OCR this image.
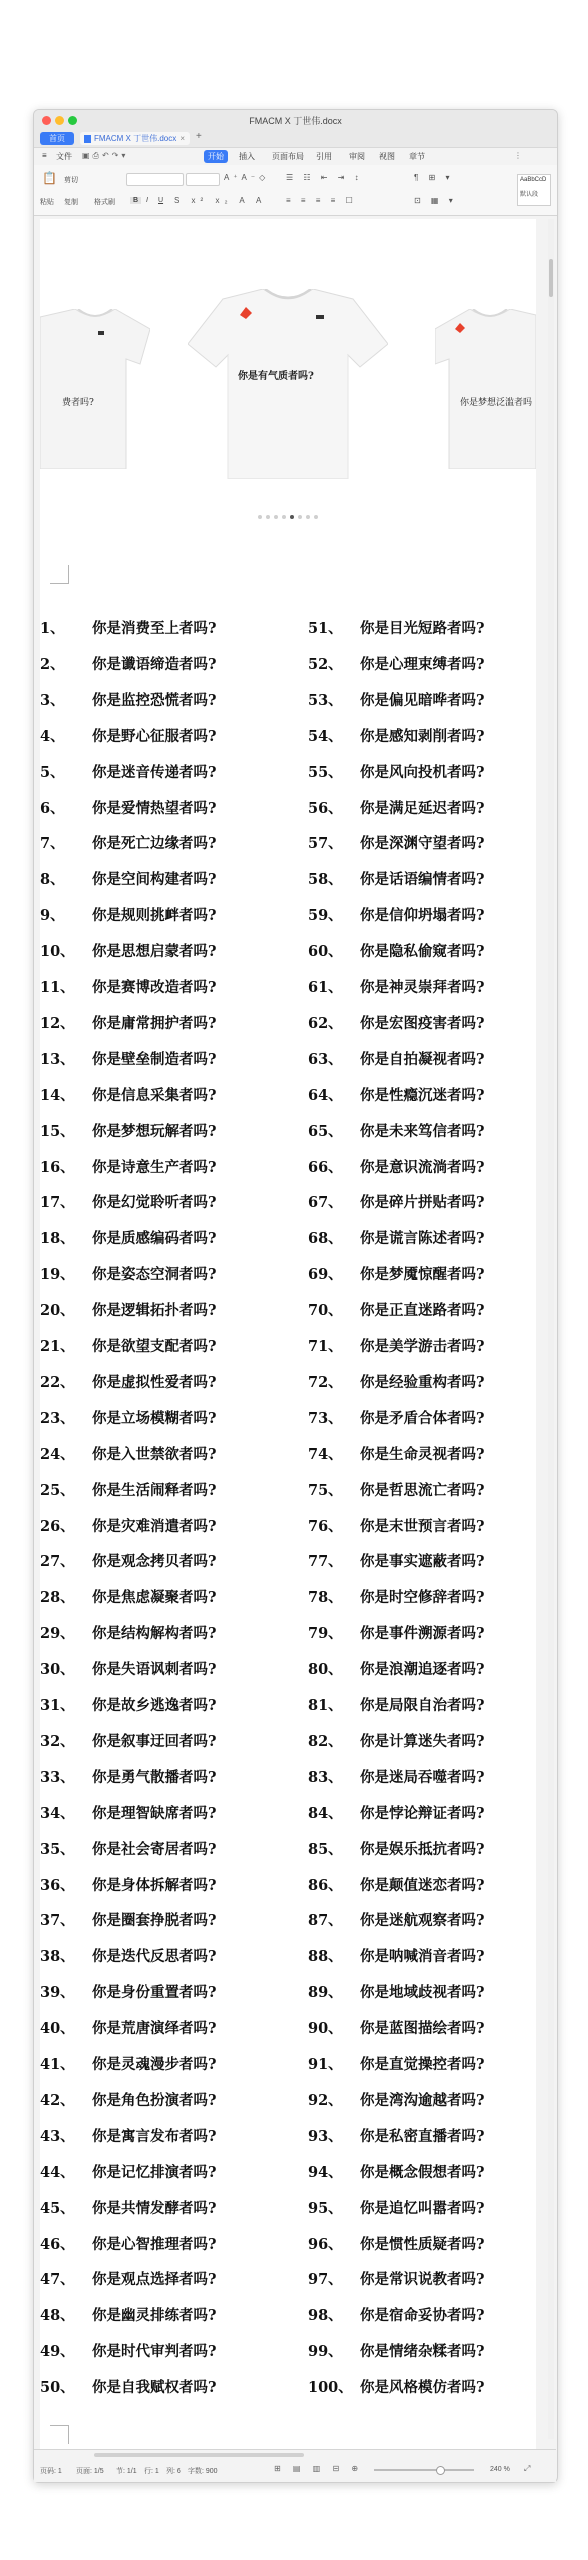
FMACM X 丁世伟.docx
首页	FMACM X 丁世伟.docx × +
≡ 文件 ▣⎙↶↷▾	开始	插入 页面布局 引用 审阅 视图 章节	⋮
📋
粘贴
剪切
复制 格式刷	B	I U
A⁺A⁻◇
S x² x₂ A A
☰ ☷ ⇤ ⇥ ↕
≡ ≡ ≡ ≡ ☐
¶ ⊞ ▾
⊡ ▦ ▾
AaBbCcD
默认段
费者吗?
你是有气质者吗?
你是梦想泛滥者吗
1、 你是消费至上者吗?
2、 你是谶语缔造者吗?
3、 你是监控恐慌者吗?
4、 你是野心征服者吗?
5、 你是迷音传递者吗?
6、 你是爱情热望者吗?
7、 你是死亡边缘者吗?
8、 你是空间构建者吗?
9、 你是规则挑衅者吗?
10、 你是思想启蒙者吗?
11、 你是赛博改造者吗?
12、 你是庸常拥护者吗?
13、 你是壁垒制造者吗?
14、 你是信息采集者吗?
15、 你是梦想玩解者吗?
16、 你是诗意生产者吗?
17、 你是幻觉聆听者吗?
18、 你是质感编码者吗?
19、 你是姿态空洞者吗?
20、 你是逻辑拓扑者吗?
21、 你是欲望支配者吗?
22、 你是虚拟性爱者吗?
23、 你是立场模糊者吗?
24、 你是入世禁欲者吗?
25、 你是生活闹释者吗?
26、 你是灾难消遣者吗?
27、 你是观念拷贝者吗?
28、 你是焦虑凝聚者吗?
29、 你是结构解构者吗?
30、 你是失语讽刺者吗?
31、 你是故乡逃逸者吗?
32、 你是叙事迂回者吗?
33、 你是勇气散播者吗?
34、 你是理智缺席者吗?
35、 你是社会寄居者吗?
36、 你是身体拆解者吗?
37、 你是圈套挣脱者吗?
38、 你是迭代反思者吗?
39、 你是身份重置者吗?
40、 你是荒唐演绎者吗?
41、 你是灵魂漫步者吗?
42、 你是角色扮演者吗?
43、 你是寓言发布者吗?
44、 你是记忆排演者吗?
45、 你是共情发酵者吗?
46、 你是心智推理者吗?
47、 你是观点选择者吗?
48、 你是幽灵排练者吗?
49、 你是时代审判者吗?
50、 你是自我赋权者吗?
51、 你是目光短路者吗?
52、 你是心理束缚者吗?
53、 你是偏见暗哗者吗?
54、 你是感知剥削者吗?
55、 你是风向投机者吗?
56、 你是满足延迟者吗?
57、 你是深渊守望者吗?
58、 你是话语编情者吗?
59、 你是信仰坍塌者吗?
60、 你是隐私偷窥者吗?
61、 你是神灵崇拜者吗?
62、 你是宏图疫害者吗?
63、 你是自拍凝视者吗?
64、 你是性瘾沉迷者吗?
65、 你是未来笃信者吗?
66、 你是意识流淌者吗?
67、 你是碎片拼贴者吗?
68、 你是谎言陈述者吗?
69、 你是梦魇惊醒者吗?
70、 你是正直迷路者吗?
71、 你是美学游击者吗?
72、 你是经验重构者吗?
73、 你是矛盾合体者吗?
74、 你是生命灵视者吗?
75、 你是哲思流亡者吗?
76、 你是末世预言者吗?
77、 你是事实遮蔽者吗?
78、 你是时空修辞者吗?
79、 你是事件溯源者吗?
80、 你是浪潮追逐者吗?
81、 你是局限自治者吗?
82、 你是计算迷失者吗?
83、 你是迷局吞噬者吗?
84、 你是悖论辩证者吗?
85、 你是娱乐抵抗者吗?
86、 你是颠值迷恋者吗?
87、 你是迷航观察者吗?
88、 你是呐喊消音者吗?
89、 你是地域歧视者吗?
90、 你是蓝图描绘者吗?
91、 你是直觉操控者吗?
92、 你是湾沟逾越者吗?
93、 你是私密直播者吗?
94、 你是概念假想者吗?
95、 你是追忆叫嚣者吗?
96、 你是惯性质疑者吗?
97、 你是常识说教者吗?
98、 你是宿命妥协者吗?
99、 你是情绪杂糅者吗?
100、 你是风格模仿者吗?
页码: 1 页面: 1/5 节: 1/1 行: 1 列: 6 字数: 900	⊞ ▤ ▥ ⊟ ⊕	240 % ⤢
